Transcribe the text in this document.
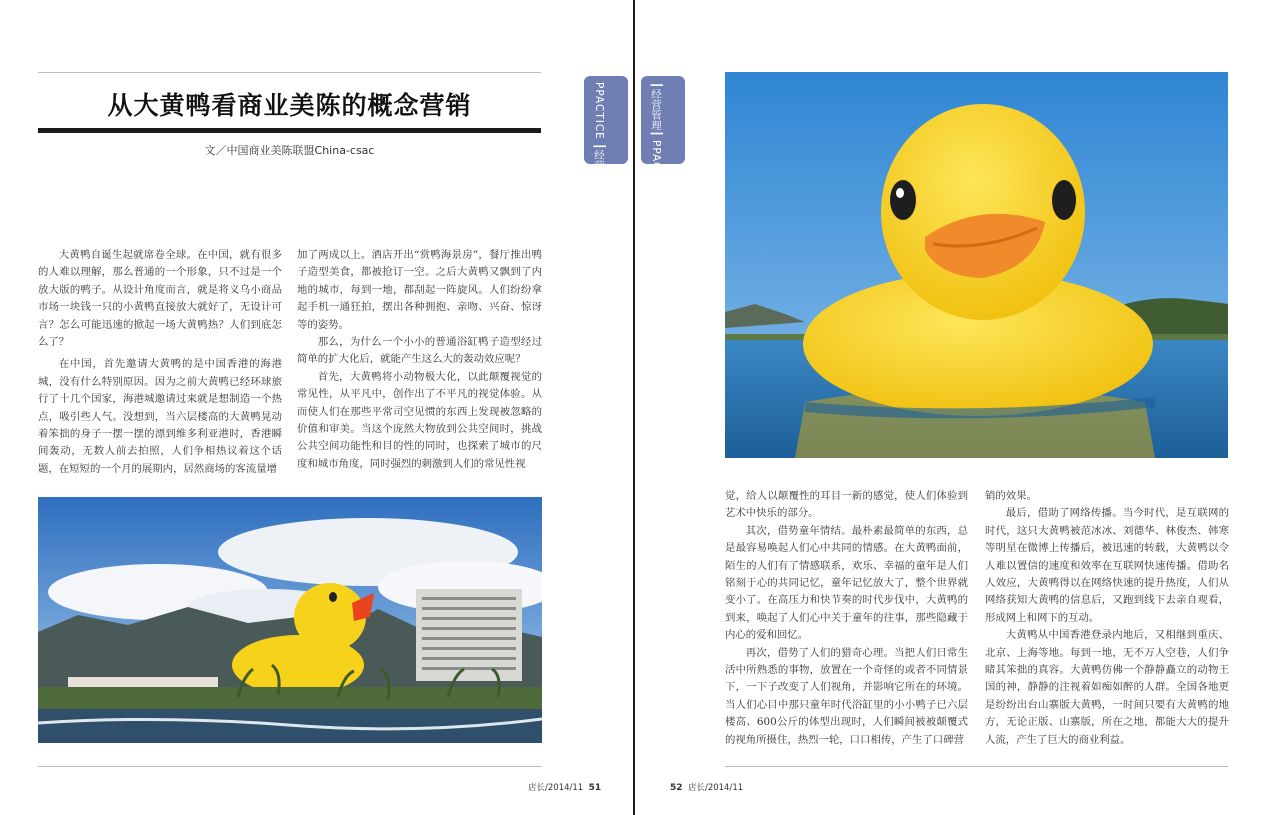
从大黄鸭看商业美陈的概念营销
文／中国商业美陈联盟China-csac

大黄鸭自诞生起就席卷全球。在中国，就有很多的人难以理解，那么普通的一个形象，只不过是一个放大版的鸭子。从设计角度而言，就是将义乌小商品市场一块钱一只的小黄鸭直接放大就好了，无设计可言？怎么可能迅速的掀起一场大黄鸭热？人们到底怎么了？

在中国，首先邀请大黄鸭的是中国香港的海港城，没有什么特别原因。因为之前大黄鸭已经环球旅行了十几个国家，海港城邀请过来就是想制造一个热点，吸引些人气。没想到，当六层楼高的大黄鸭晃动着笨拙的身子一摆一摆的漂到维多利亚港时，香港瞬间轰动，无数人前去拍照，人们争相热议着这个话题，在短短的一个月的展期内，居然商场的客流量增

加了两成以上。酒店开出“赏鸭海景房”，餐厅推出鸭子造型美食，都被抢订一空。之后大黄鸭又飘到了内地的城市，每到一地，都刮起一阵旋风。人们纷纷拿起手机一通狂拍，摆出各种拥抱、亲吻、兴奋、惊讶等的姿势。

那么，为什么一个小小的普通浴缸鸭子造型经过简单的扩大化后，就能产生这么大的轰动效应呢？

首先，大黄鸭将小动物极大化，以此颠覆视觉的常见性，从平凡中，创作出了不平凡的视觉体验。从而使人们在那些平常司空见惯的东西上发现被忽略的价值和审美。当这个庞然大物放到公共空间时，挑战公共空间功能性和目的性的同时，也探索了城市的尺度和城市角度，同时强烈的刺激到人们的常见性视

店长/2014/11 51
PPACTICE ┃经营管理┃
┃经营管理┃ PPACTICE

觉，给人以颠覆性的耳目一新的感觉，使人们体验到艺术中快乐的部分。

其次，借势童年情结。最朴素最简单的东西，总是最容易唤起人们心中共同的情感。在大黄鸭面前，陌生的人们有了情感联系，欢乐、幸福的童年是人们铭刻于心的共同记忆，童年记忆放大了，整个世界就变小了。在高压力和快节奏的时代步伐中，大黄鸭的到来，唤起了人们心中关于童年的往事，那些隐藏于内心的爱和回忆。

再次，借势了人们的猎奇心理。当把人们日常生活中所熟悉的事物，放置在一个奇怪的或者不同情景下，一下子改变了人们视角，并影响它所在的环境。当人们心目中那只童年时代浴缸里的小小鸭子已六层楼高、600公斤的体型出现时，人们瞬间被被颠覆式的视角所摄住，热烈一轮，口口相传，产生了口碑营

销的效果。

最后，借助了网络传播。当今时代，是互联网的时代，这只大黄鸭被范冰冰、刘德华、林俊杰、韩寒等明星在微博上传播后，被迅速的转载，大黄鸭以令人难以置信的速度和效率在互联网快速传播。借助名人效应，大黄鸭得以在网络快速的提升热度，人们从网络获知大黄鸭的信息后，又跑到线下去亲自观看，形成网上和网下的互动。

大黄鸭从中国香港登录内地后，又相继到重庆、北京、上海等地。每到一地，无不万人空巷，人们争睹其笨拙的真容。大黄鸭仿佛一个静静矗立的动物王国的神，静静的注视着如痴如醉的人群。全国各地更是纷纷出台山寨版大黄鸭，一时间只要有大黄鸭的地方，无论正版、山寨版，所在之地，都能大大的提升人流，产生了巨大的商业利益。

52 店长/2014/11
